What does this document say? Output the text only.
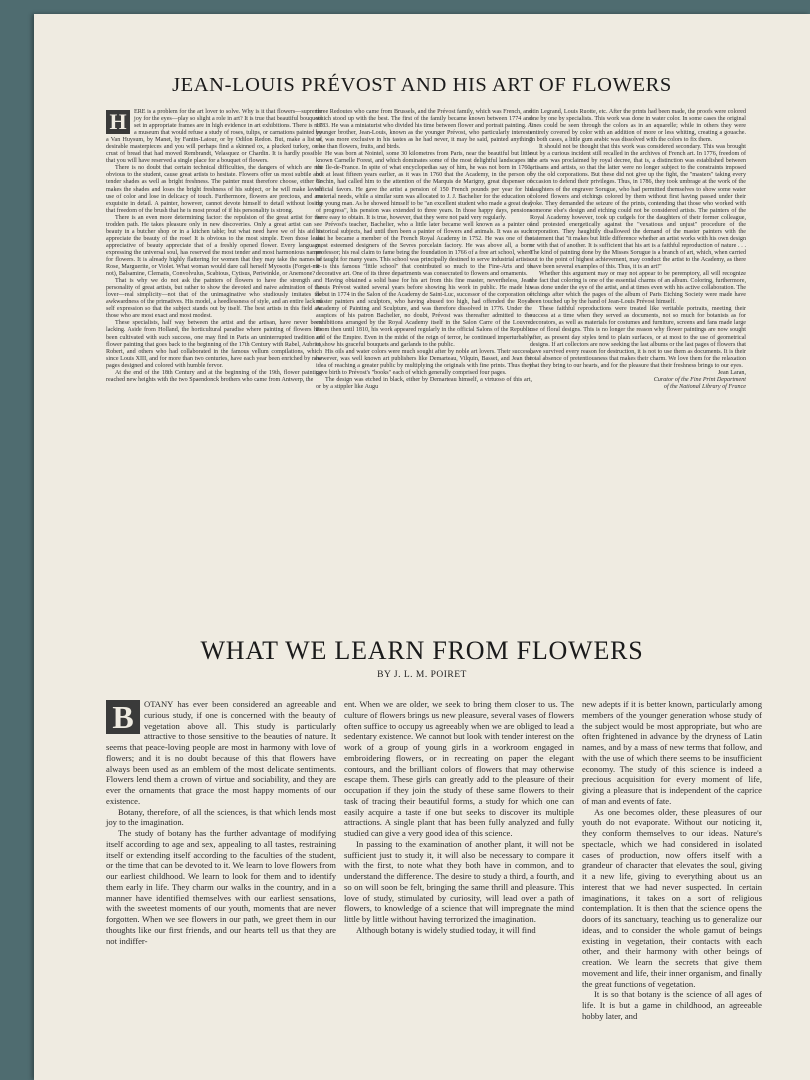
JEAN-LOUIS PRÉVOST AND HIS ART OF FLOWERS

H	ERE is a problem for the art lover to solve. Why is it that flowers—supreme joy for the eyes—play so slight a role in art? It is true that beautiful bouquets set in appropriate frames are in high evidence in art exhibitions. There is not a museum that would refuse a study of roses, tulips, or carnations painted by a Van Huysum, by Manet, by Fantin-Latour, or by Odilon Redon. But, make a list of desirable masterpieces and you will perhaps find a skinned ox, a plucked turkey, or a crust of bread that had moved Rembrandt, Velasquez or Chardin. It is hardly possible that you will have reserved a single place for a bouquet of flowers.

There is no doubt that certain technical difficulties, the dangers of which are not obvious to the student, cause great artists to hesitate. Flowers offer us most subtile and tender shades as well as bright freshness. The painter must therefore choose, either he makes the shades and loses the bright freshness of his subject, or he will make lavish use of color and lose in delicacy of touch. Furthermore, flowers are precious, and are exquisite in detail. A painter, however, cannot devote himself to detail without losing that freedom of the brush that he is most proud of if his personality is strong.

There is an even more determining factor: the repulsion of the great artist for the trodden path. He takes pleasure only in new discoveries. Only a great artist can see beauty in a butcher shop or in a kitchen table; but what need have we of his aid to appreciate the beauty of the rose! It is obvious to the most simple. Even those least appreciative of beauty appreciate that of a freshly opened flower. Every language, expressing the universal soul, has reserved the most tender and most harmonious names for flowers. It is already highly flattering for women that they may take the names of Rose, Marguerite, or Violet. What woman would dare call herself Myosotis (Forget-me-not), Balsamine, Clematis, Convolvulus, Scabious, Cytisus, Periwinkle, or Anemone?

That is why we do not ask the painters of flowers to have the strength and personality of great artists, but rather to show the devoted and naive admiration of the lover—real simplicity—not that of the unimaginative who studiously imitates the awkwardness of the primatives. His model, a heedlessness of style, and an entire lack of self expression so that the subject stands out by itself. The best artists in this field are those who are most exact and most modest.

These specialists, half way between the artist and the artisan, have never been lacking. Aside from Holland, the horticultural paradise where painting of flowers has been cultivated with such success, one may find in Paris an uninterrupted tradition of flower painting that goes back to the beginning of the 17th Century with Rabel, Aubriet, Robert, and others who had collaborated in the famous vellum compilations, which since Louis XIII, and for more than two centuries, have each year been enriched by new pages designed and colored with humble fervor.

At the end of the 18th Century and at the beginning of the 19th, flower painting reached new heights with the two Spaendonck brothers who came from Antwerp, the

three Redoutes who came from Brussels, and the Prévost family, which was French, and which stood up with the best. The first of the family became known between 1774 and 1783. He was a miniaturist who divided his time between flower and portrait painting. A younger brother, Jean-Louis, known as the younger Prévost, who particularly interests us, was more exclusive in his tastes as he had never, it may be said, painted anything else than flowers, fruits, and birds.

He was born at Nointel, some 30 kilometres from Paris, near the beautiful but little known Carnelle Forest, and which dominates some of the most delightful landscapes in the Ile-de-France. In spite of what encyclopedias say of him, he was not born in 1760, but at least fifteen years earlier, as it was in 1760 that the Academy, in the person of Cochin, had called him to the attention of the Marquis de Marigny, great dispenser of official favors. He gave the artist a pension of 150 French pounds per year for his material needs, while a similar sum was allocated to J. J. Bachelier for the education of the young man. As he showed himself to be "an excellent student who made a great deal of progress", his pension was extended to three years. In those happy days, pensions were easy to obtain. It is true, however, that they were not paid very regularly.

Prévost's teacher, Bachelier, who a little later became well known as a painter of historical subjects, had until then been a painter of flowers and animals. It was as such that he became a member of the French Royal Academy in 1752. He was one of the most esteemed designers of the Sevres porcelain factory. He was above all, a born professor; his real claim to fame being the foundation in 1766 of a free art school, where he taught for many years. This school was principally destined to serve industrial artists. It is this famous "little school" that contributed so much to the Fine-Arts and to decorative art. One of its three departments was consecrated to flowers and ornaments.

Having obtained a solid base for his art from this fine master, nevertheless, Jean Louis Prévost waited several years before showing his work in public. He made his debut in 1774 in the Salon of the Academy de Saint-Luc, successor of the corporation of master painters and sculptors, who having abused too high, had offended the Royal Academy of Painting and Sculpture, and was therefore dissolved in 1776. Under the auspices of his patron Bachelier, no doubt, Prévost was thereafter admitted to the exhibitions arranged by the Royal Academy itself in the Salon Carre of the Louvre. From then until 1810, his work appeared regularly in the official Salons of the Republic and of the Empire. Even in the midst of the reign of terror, he continued imperturbably to show his graceful bouquets and garlands to the public.

His oils and water colors were much sought after by noble art lovers. Their success, however, was well known art publishers like Demarteau, Vilquin, Basset, and Jean the idea of reaching a greater public by multiplying the originals with fine prints. Thus they gave birth to Prévost's "books" each of which generally comprised four pages.

The design was etched in black, either by Demarteau himself, a virtuoso of this art, or by a stippler like Augu

stin Legrand, Louis Ruotte, etc. After the prints had been made, the proofs were colored one by one by specialists. This work was done in water color. In some cases the original lines could be seen through the colors as in an aquarelle; while in others they were entirely covered by color with an addition of more or less whiting, creating a gouache. In both cases, a little gum arabic was dissolved with the colors to fix them.

It should not be thought that this work was considered secondary. This was brought out by a curious incident still recalled in the archives of French art. In 1776, freedom of the arts was proclaimed by royal decree, that is, a distinction was established between artisans and artists, so that the latter were no longer subject to the constraints imposed by the old corporations. But these did not give up the fight, the "masters" taking every occasion to defend their privileges. Thus, in 1786, they took umbrage at the work of the daughters of the engraver Sorugue, who had permitted themselves to show some water colored flowers and etchings colored by them without first having passed under their yoke. They demanded the seizure of the prints, contending that those who worked with someone else's design and etching could not be considered artists. The painters of the Royal Academy however, took up cudgels for the daughters of their former colleague, and protested energetically against the "vexatious and unjust" procedure of the corporation. They haughtily disallowed the demand of the master painters with the statement that "it makes but little difference whether an artist works with his own design or with that of another. It is sufficient that his art is a faithful reproduction of nature . . . The kind of painting done by the Misses Sorugue is a branch of art, which, when carried out to the point of highest achievement, may conduct the artist to the Academy, as there have been several examples of this. Thus, it is an art!"

Whether this argument may or may not appear to be peremptory, all will recognize the fact that coloring is one of the essential charms of an album. Coloring, furthermore, was done under the eye of the artist, and at times even with his active collaboration. The etchings after which the pages of the album of Paris Etching Society were made have been touched up by the hand of Jean-Louis Prévost himself.

These faithful reproductions were treated like veritable portraits, meeting their success at a time when they served as documents, not so much for botanists as for decorators, as well as materials for costumes and furniture, screens and fans made large use of floral designs. This is no longer the reason why flower paintings are now sought after, as present day styles tend to plain surfaces, or at most to the use of geometrical designs. If art collectors are now seeking the last albums or the last pages of flowers that have survived every reason for destruction, it is not to use them as documents. It is their total absence of pretentiousness that makes their charm. We love them for the relaxation that they bring to our hearts, and for the pleasure that their freshness brings to our eyes.

Jean Laran,

Curator of the Fine Print Department

of the National Library of France

WHAT WE LEARN FROM FLOWERS
BY J. L. M. POIRET

B	OTANY has ever been considered an agreeable and curious study, if one is concerned with the beauty of vegetation above all. This study is particularly attractive to those sensitive to the beauties of nature. It seems that peace-loving people are most in harmony with love of flowers; and it is no doubt because of this that flowers have always been used as an emblem of the most delicate sentiments. Flowers lend them a crown of virtue and sociability, and they are ever the ornaments that grace the most happy moments of our existence.

Botany, therefore, of all the sciences, is that which lends most joy to the imagination.

The study of botany has the further advantage of modifying itself according to age and sex, appealing to all tastes, restraining itself or extending itself according to the faculties of the student, or the time that can be devoted to it. We learn to love flowers from our earliest childhood. We learn to look for them and to identify them early in life. They charm our walks in the country, and in a manner have identified themselves with our earliest sensations, with the sweetest moments of our youth, moments that are never forgotten. When we see flowers in our path, we greet them in our thoughts like our first friends, and our hearts tell us that they are not indiffer-

ent. When we are older, we seek to bring them closer to us. The culture of flowers brings us new pleasure, several vases of flowers often suffice to occupy us agreeably when we are obliged to lead a sedentary existence. We cannot but look with tender interest on the work of a group of young girls in a workroom engaged in embroidering flowers, or in recreating on paper the elegant contours, and the brilliant colors of flowers that may otherwise escape them. These girls can greatly add to the pleasure of their occupation if they join the study of these same flowers to their task of tracing their beautiful forms, a study for which one can easily acquire a taste if one but seeks to discover its multiple attractions. A single plant that has been fully analyzed and fully studied can give a very good idea of this science.

In passing to the examination of another plant, it will not be sufficient just to study it, it will also be necessary to compare it with the first, to note what they both have in common, and to understand the difference. The desire to study a third, a fourth, and so on will soon be felt, bringing the same thrill and pleasure. This love of study, stimulated by curiosity, will lead over a path of flowers, to knowledge of a science that will impregnate the mind little by little without having terrorized the imagination.

Although botany is widely studied today, it will find

new adepts if it is better known, particularly among members of the younger generation whose study of the subject would be most appropriate, but who are often frightened in advance by the dryness of Latin names, and by a mass of new terms that follow, and with the use of which there seems to be insufficient economy. The study of this science is indeed a precious acquisition for every moment of life, giving a pleasure that is independent of the caprice of man and events of fate.

As one becomes older, these pleasures of our youth do not evaporate. Without our noticing it, they conform themselves to our ideas. Nature's spectacle, which we had considered in isolated cases of production, now offers itself with a grandeur of character that elevates the soul, giving it a new life, giving to everything about us an interest that we had never suspected. In certain imaginations, it takes on a sort of religious contemplation. It is then that the science opens the doors of its sanctuary, teaching us to generalize our ideas, and to consider the whole gamut of beings existing in vegetation, their contacts with each other, and their harmony with other beings of creation. We learn the secrets that give them movement and life, their inner organism, and finally the great functions of vegetation.

It is so that botany is the science of all ages of life. It is but a game in childhood, an agreeable hobby later, and
